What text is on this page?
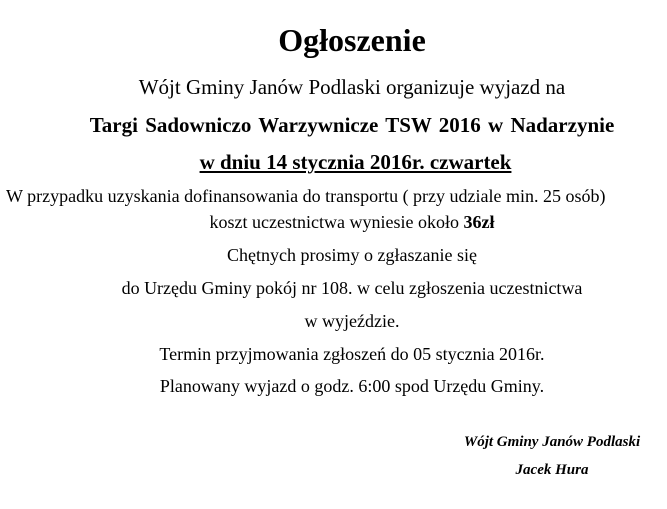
Ogłoszenie
Wójt Gminy Janów Podlaski organizuje wyjazd na
Targi Sadowniczo Warzywnicze TSW 2016 w Nadarzynie
w dniu 14 stycznia 2016r. czwartek
W przypadku uzyskania dofinansowania do transportu ( przy udziale min. 25 osób)
koszt uczestnictwa wyniesie około 36zł
Chętnych prosimy o zgłaszanie się
do Urzędu Gminy pokój nr 108. w celu zgłoszenia uczestnictwa
w wyjeździe.
Termin przyjmowania zgłoszeń do 05 stycznia 2016r.
Planowany wyjazd o godz. 6:00 spod Urzędu Gminy.
Wójt Gminy Janów Podlaski
Jacek Hura
